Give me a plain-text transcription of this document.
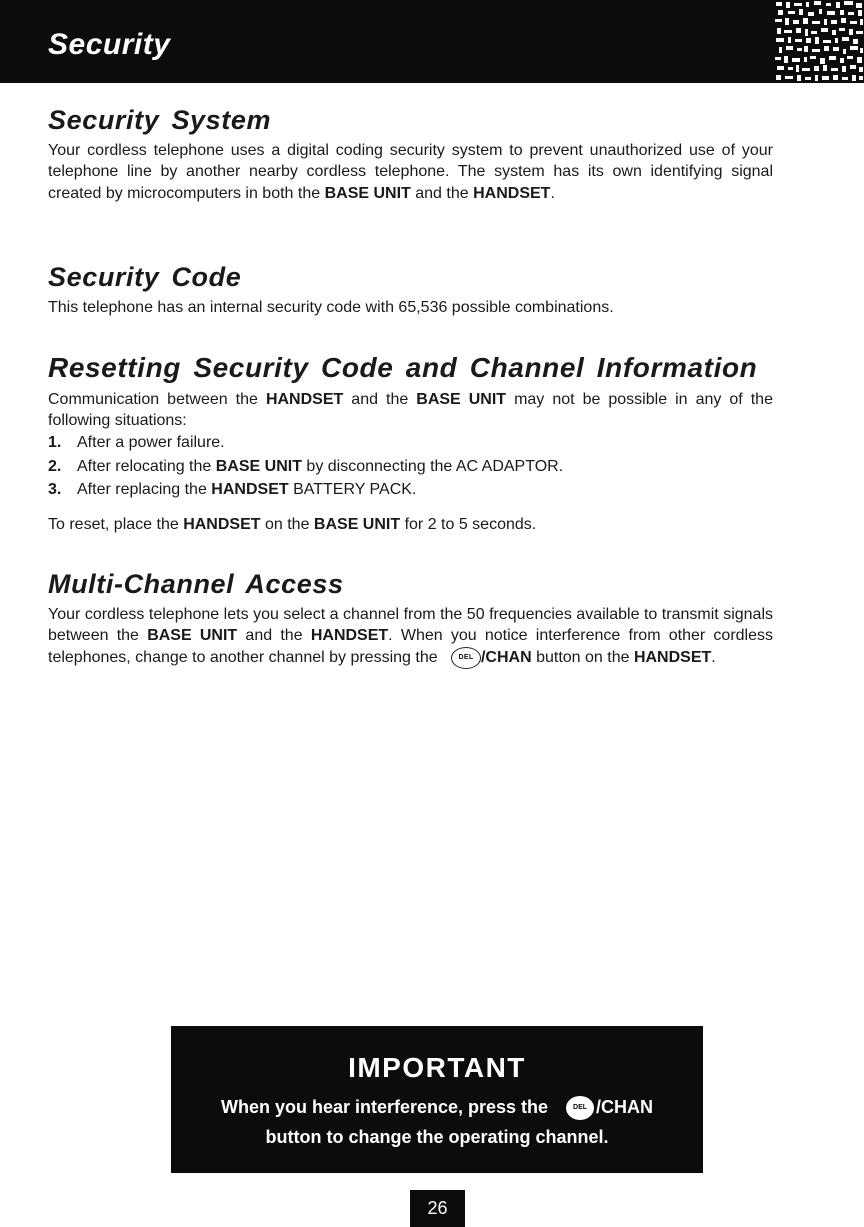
Security
Security System
Your cordless telephone uses a digital coding security system to prevent unauthorized use of your telephone line by another nearby cordless telephone. The system has its own identifying signal created by microcomputers in both the BASE UNIT and the HANDSET.
Security Code
This telephone has an internal security code with 65,536 possible combinations.
Resetting Security Code and Channel Information
Communication between the HANDSET and the BASE UNIT may not be possible in any of the following situations:
1. After a power failure.
2. After relocating the BASE UNIT by disconnecting the AC ADAPTOR.
3. After replacing the HANDSET BATTERY PACK.
To reset, place the HANDSET on the BASE UNIT for 2 to 5 seconds.
Multi-Channel Access
Your cordless telephone lets you select a channel from the 50 frequencies available to transmit signals between the BASE UNIT and the HANDSET. When you notice interference from other cordless telephones, change to another channel by pressing the   DEL /CHAN button on the HANDSET.
IMPORTANT
When you hear interference, press the	DEL /CHAN
button to change the operating channel.
26
